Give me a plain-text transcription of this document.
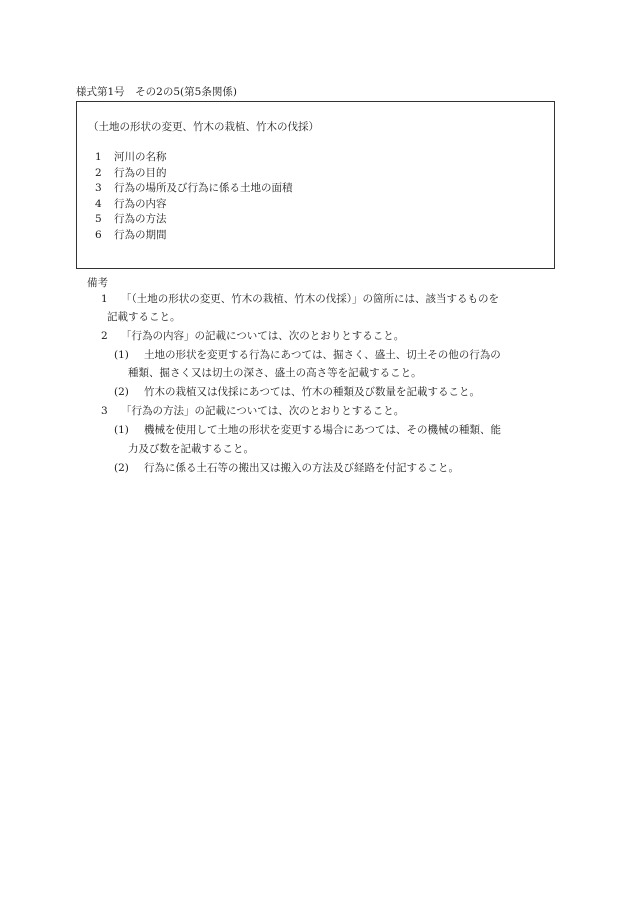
様式第1号　その2の5(第5条関係)
（土地の形状の変更、竹木の栽植、竹木の伐採）
1 河川の名称
2 行為の目的
3 行為の場所及び行為に係る土地の面積
4 行為の内容
5 行為の方法
6 行為の期間
備考
1 「（土地の形状の変更、竹木の栽植、竹木の伐採）」の箇所には、該当するものを
記載すること。
2 「行為の内容」の記載については、次のとおりとすること。
(1) 土地の形状を変更する行為にあつては、掘さく、盛土、切土その他の行為の
種類、掘さく又は切土の深さ、盛土の高さ等を記載すること。
(2) 竹木の栽植又は伐採にあつては、竹木の種類及び数量を記載すること。
3 「行為の方法」の記載については、次のとおりとすること。
(1) 機械を使用して土地の形状を変更する場合にあつては、その機械の種類、能
力及び数を記載すること。
(2) 行為に係る土石等の搬出又は搬入の方法及び経路を付記すること。
